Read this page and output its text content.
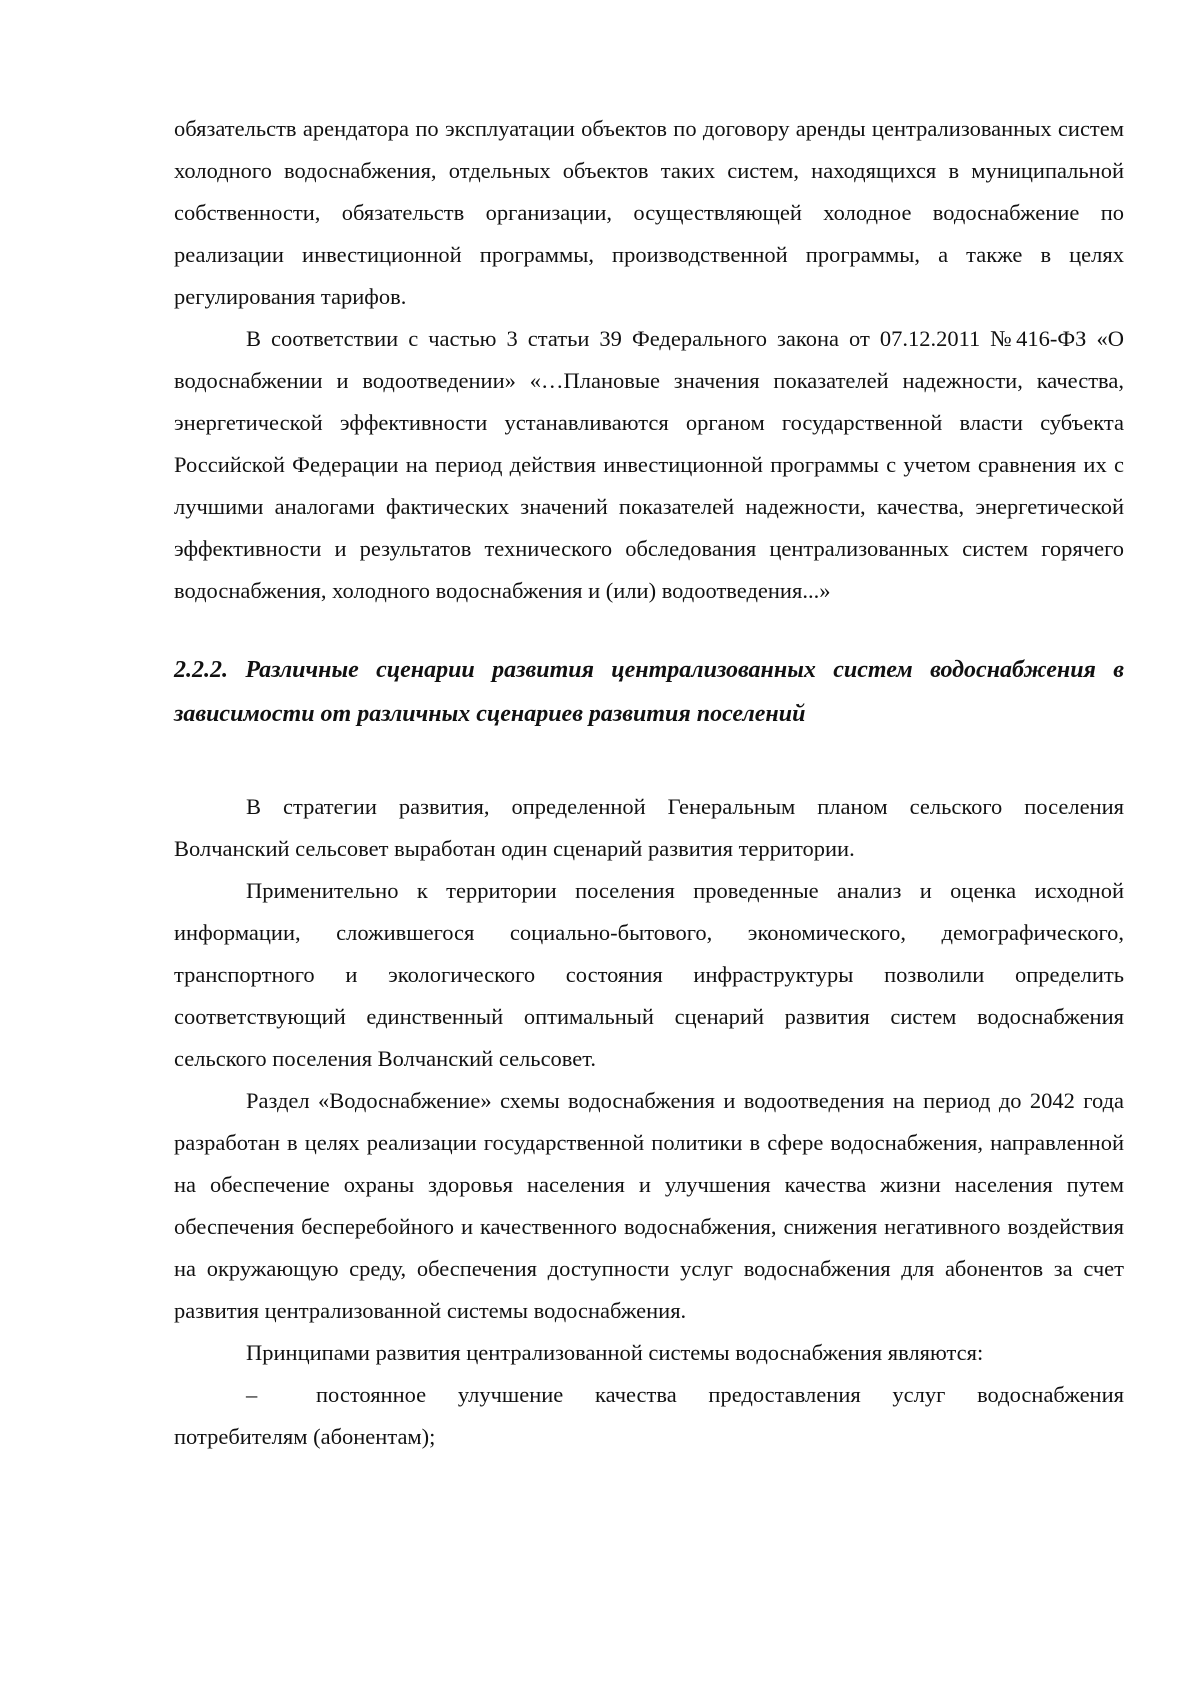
обязательств арендатора по эксплуатации объектов по договору аренды централизованных систем холодного водоснабжения, отдельных объектов таких систем, находящихся в муниципальной собственности, обязательств организации, осуществляющей холодное водоснабжение по реализации инвестиционной программы, производственной программы, а также в целях регулирования тарифов.

В соответствии с частью 3 статьи 39 Федерального закона от 07.12.2011 №416-ФЗ «О водоснабжении и водоотведении» «…Плановые значения показателей надежности, качества, энергетической эффективности устанавливаются органом государственной власти субъекта Российской Федерации на период действия инвестиционной программы с учетом сравнения их с лучшими аналогами фактических значений показателей надежности, качества, энергетической эффективности и результатов технического обследования централизованных систем горячего водоснабжения, холодного водоснабжения и (или) водоотведения...»

2.2.2. Различные сценарии развития централизованных систем водоснабжения в зависимости от различных сценариев развития поселений

В стратегии развития, определенной Генеральным планом сельского поселения Волчанский сельсовет выработан один сценарий развития территории.

Применительно к территории поселения проведенные анализ и оценка исходной информации, сложившегося социально-бытового, экономического, демографического, транспортного и экологического состояния инфраструктуры позволили определить соответствующий единственный оптимальный сценарий развития систем водоснабжения сельского поселения Волчанский сельсовет.

Раздел «Водоснабжение» схемы водоснабжения и водоотведения на период до 2042 года разработан в целях реализации государственной политики в сфере водоснабжения, направленной на обеспечение охраны здоровья населения и улучшения качества жизни населения путем обеспечения бесперебойного и качественного водоснабжения, снижения негативного воздействия на окружающую среду, обеспечения доступности услуг водоснабжения для абонентов за счет развития централизованной системы водоснабжения.

Принципами развития централизованной системы водоснабжения являются:

–	постоянное улучшение качества предоставления услуг водоснабжения потребителям (абонентам);
